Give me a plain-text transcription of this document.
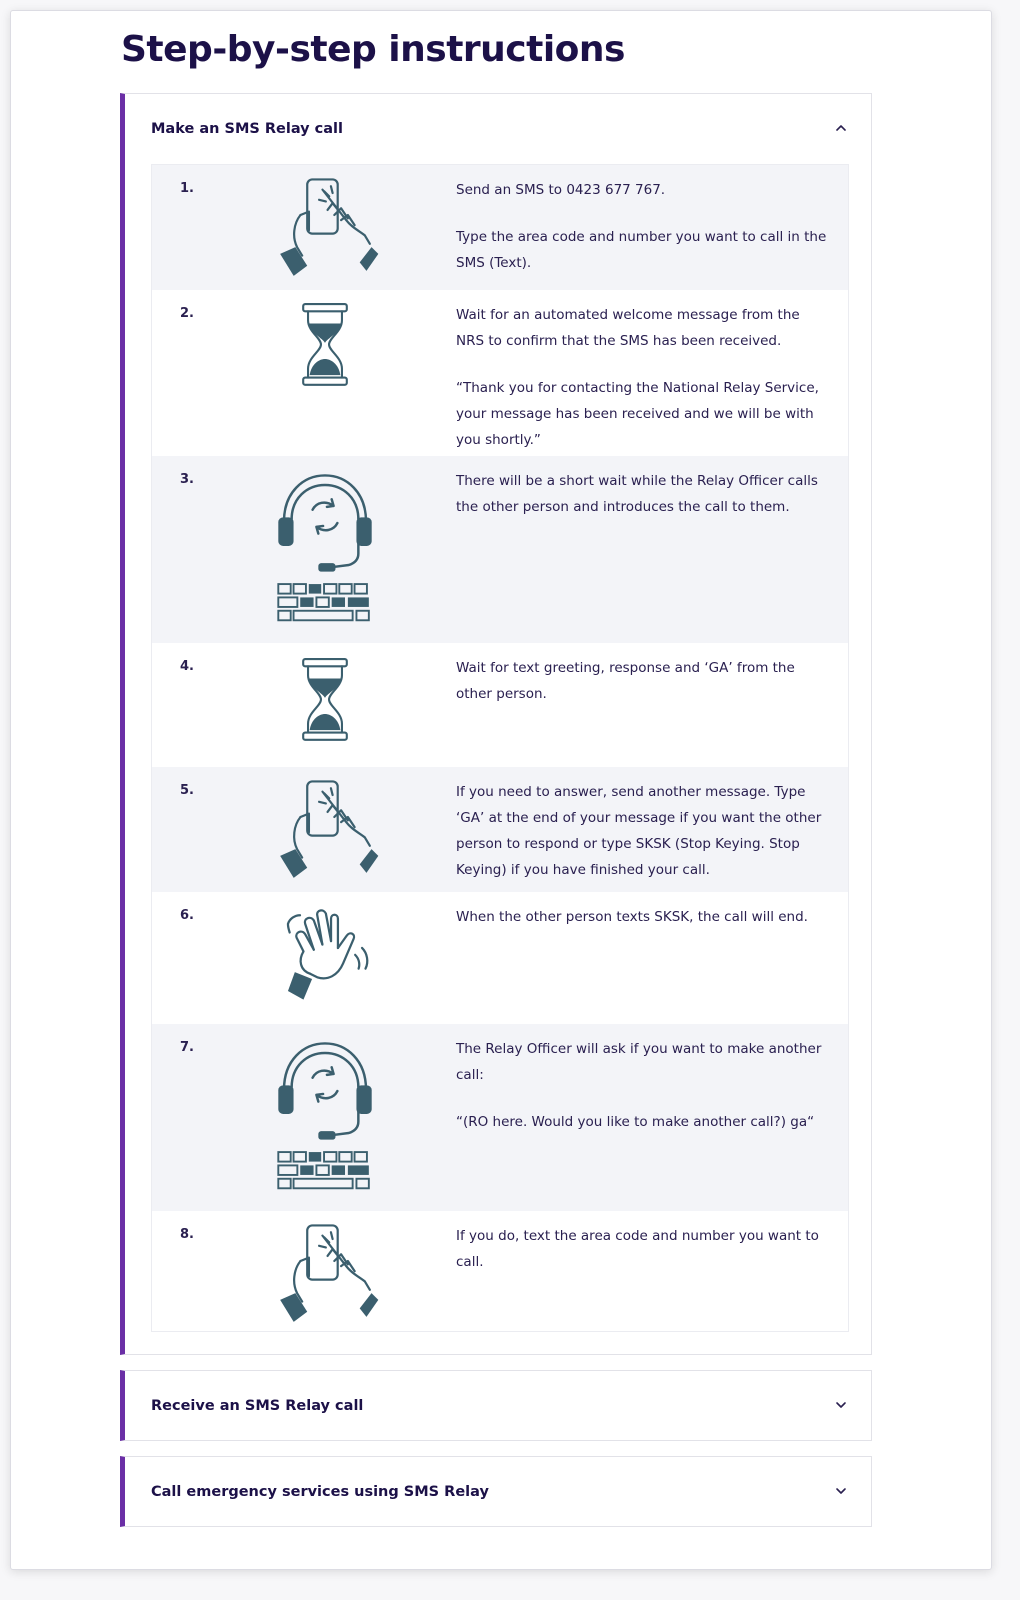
Step-by-step instructions
Make an SMS Relay call
1.	Send an SMS to 0423 677 767.

Type the area code and number you want to call in the SMS (Text).

2.	Wait for an automated welcome message from the NRS to confirm that the SMS has been received.

“Thank you for contacting the National Relay Service, your message has been received and we will be with you shortly.”

3.	There will be a short wait while the Relay Officer calls the other person and introduces the call to them.

4.	Wait for text greeting, response and ‘GA’ from the other person.

5.	If you need to answer, send another message. Type ‘GA’ at the end of your message if you want the other person to respond or type SKSK (Stop Keying. Stop Keying) if you have finished your call.

6.	When the other person texts SKSK, the call will end.

7.	The Relay Officer will ask if you want to make another call:

“(RO here. Would you like to make another call?) ga“

8.	If you do, text the area code and number you want to call.

Receive an SMS Relay call
Call emergency services using SMS Relay
